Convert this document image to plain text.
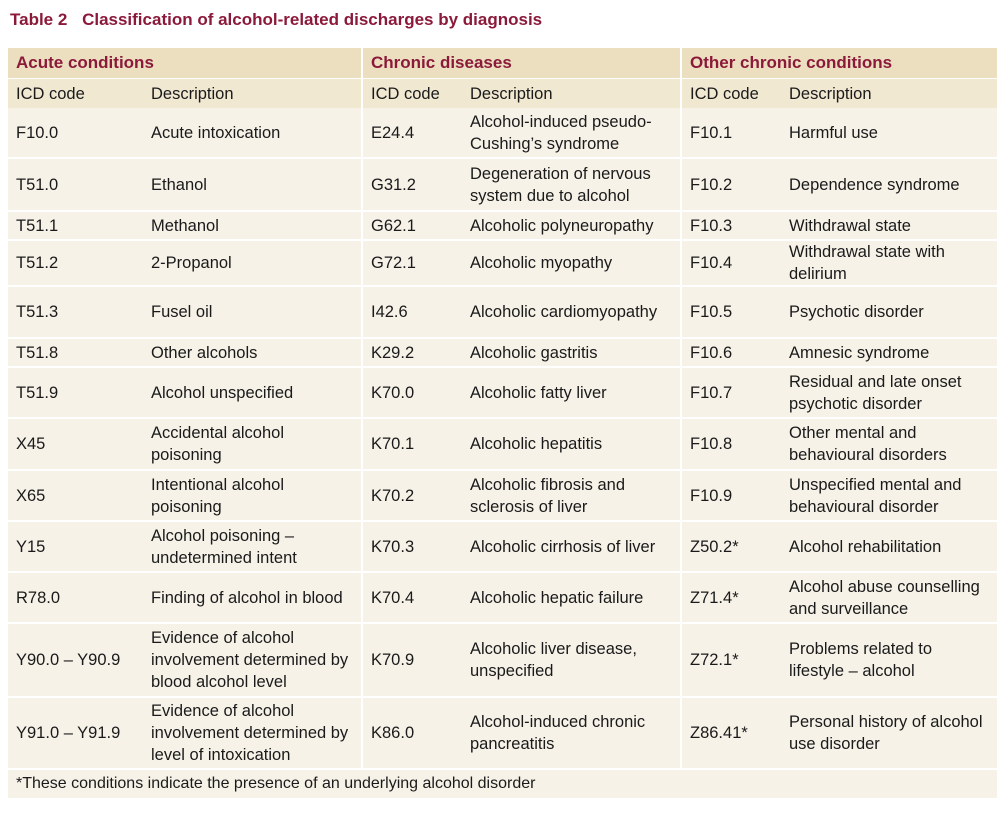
Table 2 Classification of alcohol-related discharges by diagnosis
Acute conditions		Chronic diseases		Other chronic conditions	
ICD code	Description	ICD code	Description	ICD code	Description
F10.0	Acute intoxication	E24.4	Alcohol-induced pseudo-Cushing’s syndrome	F10.1	Harmful use
T51.0	Ethanol	G31.2	Degeneration of nervous system due to alcohol	F10.2	Dependence syndrome
T51.1	Methanol	G62.1	Alcoholic polyneuropathy	F10.3	Withdrawal state
T51.2	2-Propanol	G72.1	Alcoholic myopathy	F10.4	Withdrawal state with delirium
T51.3	Fusel oil	I42.6	Alcoholic cardiomyopathy	F10.5	Psychotic disorder
T51.8	Other alcohols	K29.2	Alcoholic gastritis	F10.6	Amnesic syndrome
T51.9	Alcohol unspecified	K70.0	Alcoholic fatty liver	F10.7	Residual and late onset psychotic disorder
X45	Accidental alcohol poisoning	K70.1	Alcoholic hepatitis	F10.8	Other mental and behavioural disorders
X65	Intentional alcohol poisoning	K70.2	Alcoholic fibrosis and sclerosis of liver	F10.9	Unspecified mental and behavioural disorder
Y15	Alcohol poisoning – undetermined intent	K70.3	Alcoholic cirrhosis of liver	Z50.2*	Alcohol rehabilitation
R78.0	Finding of alcohol in blood	K70.4	Alcoholic hepatic failure	Z71.4*	Alcohol abuse counselling and surveillance
Y90.0 – Y90.9	Evidence of alcohol involvement determined by blood alcohol level	K70.9	Alcoholic liver disease, unspecified	Z72.1*	Problems related to lifestyle – alcohol
Y91.0 – Y91.9	Evidence of alcohol involvement determined by level of intoxication	K86.0	Alcohol-induced chronic pancreatitis	Z86.41*	Personal history of alcohol use disorder
*These conditions indicate the presence of an underlying alcohol disorder					
